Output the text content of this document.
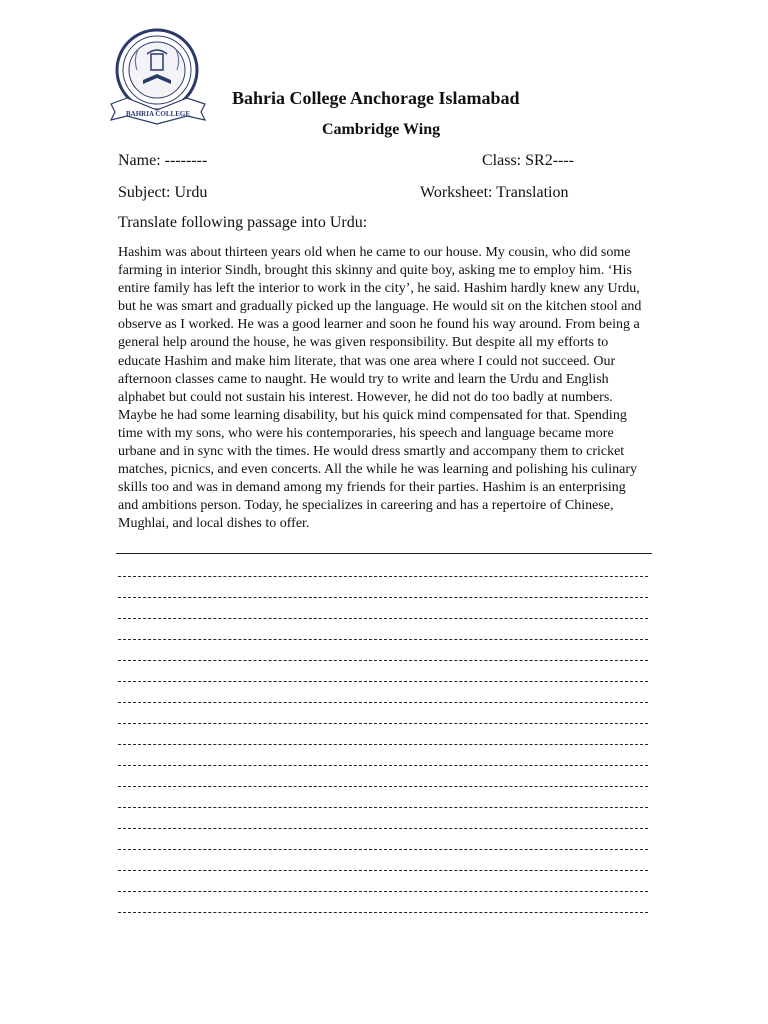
BAHRIA COLLEGE
Bahria College Anchorage Islamabad
Cambridge Wing
Name: --------	Class: SR2----
Subject: Urdu	Worksheet: Translation
Translate following passage into Urdu:
Hashim was about thirteen years old when he came to our house. My cousin, who did some
farming in interior Sindh, brought this skinny and quite boy, asking me to employ him. ‘His
entire family has left the interior to work in the city’, he said. Hashim hardly knew any Urdu,
but he was smart and gradually picked up the language. He would sit on the kitchen stool and
observe as I worked. He was a good learner and soon he found his way around. From being a
general help around the house, he was given responsibility. But despite all my efforts to
educate Hashim and make him literate, that was one area where I could not succeed. Our
afternoon classes came to naught. He would try to write and learn the Urdu and English
alphabet but could not sustain his interest. However, he did not do too badly at numbers.
Maybe he had some learning disability, but his quick mind compensated for that. Spending
time with my sons, who were his contemporaries, his speech and language became more
urbane and in sync with the times. He would dress smartly and accompany them to cricket
matches, picnics, and even concerts. All the while he was learning and polishing his culinary
skills too and was in demand among my friends for their parties. Hashim is an enterprising
and ambitions person. Today, he specializes in careering and has a repertoire of Chinese,
Mughlai, and local dishes to offer.
